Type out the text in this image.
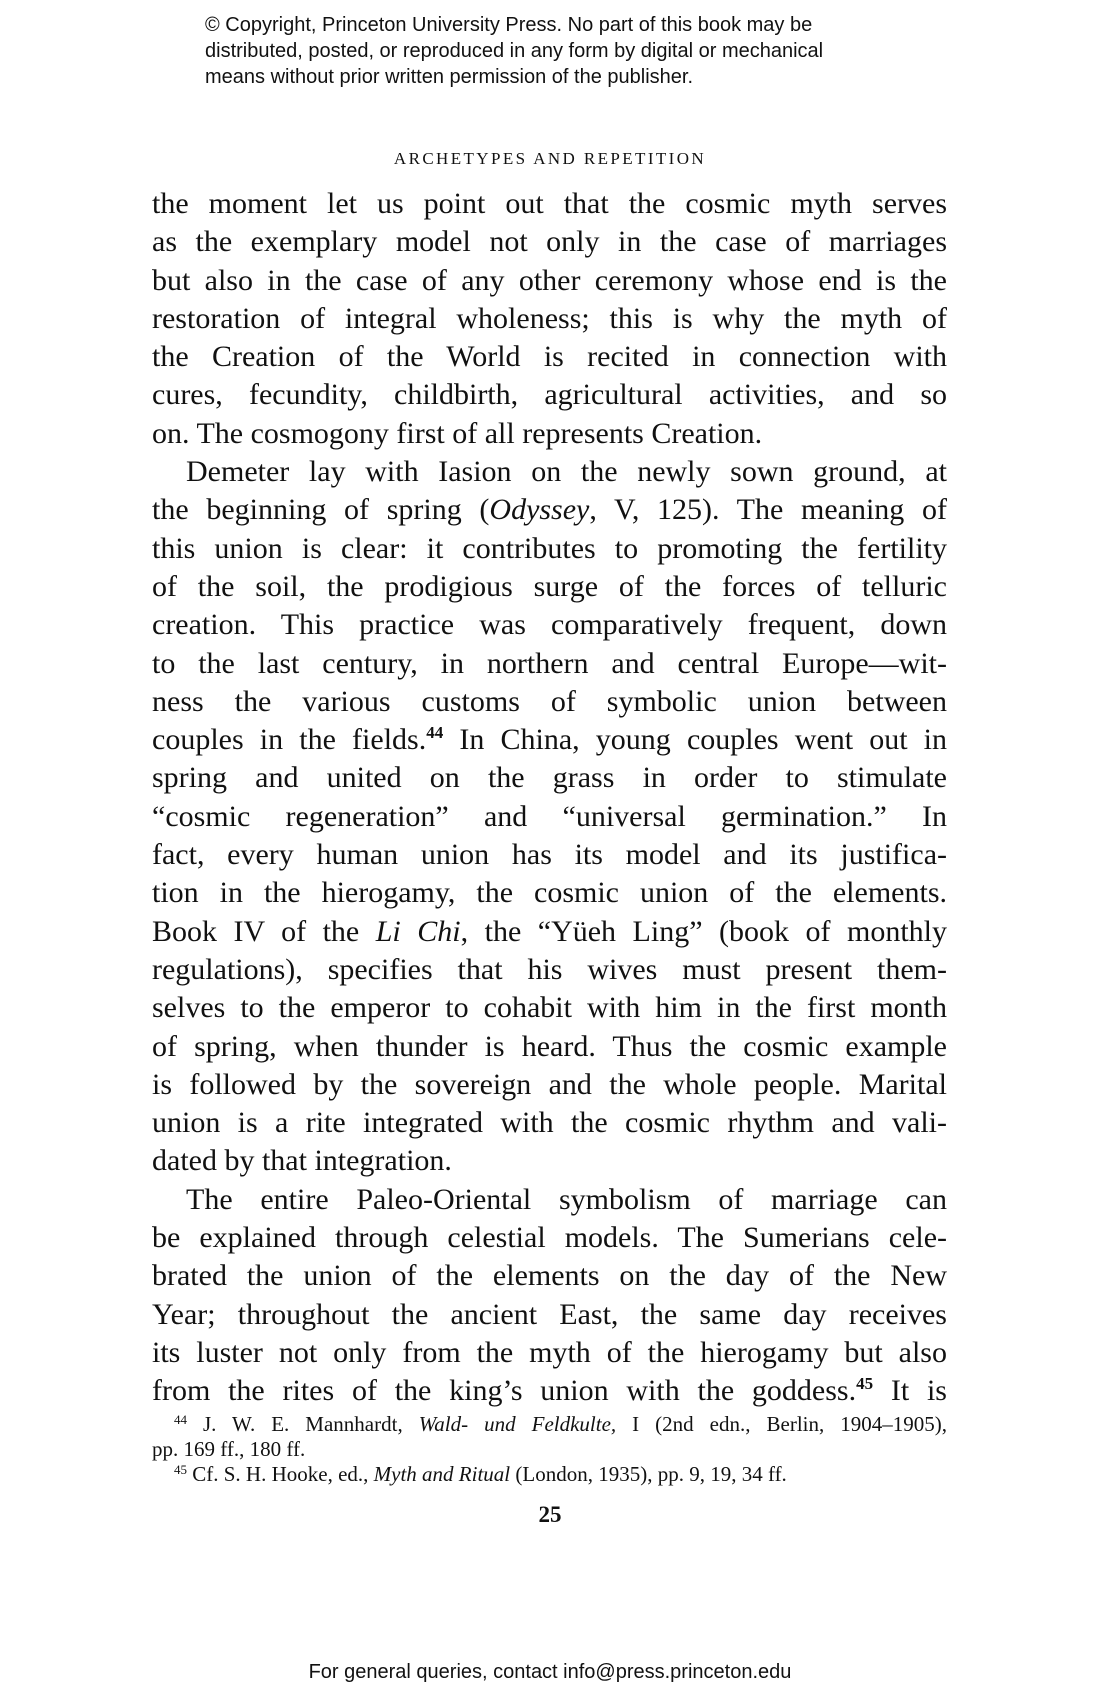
© Copyright, Princeton University Press. No part of this book may be
distributed, posted, or reproduced in any form by digital or mechanical
means without prior written permission of the publisher.
ARCHETYPES AND REPETITION
the moment let us point out that the cosmic myth serves
as the exemplary model not only in the case of marriages
but also in the case of any other ceremony whose end is the
restoration of integral wholeness; this is why the myth of
the Creation of the World is recited in connection with
cures, fecundity, childbirth, agricultural activities, and so
on. The cosmogony first of all represents Creation.
Demeter lay with Iasion on the newly sown ground, at
the beginning of spring (Odyssey, V, 125). The meaning of
this union is clear: it contributes to promoting the fertility
of the soil, the prodigious surge of the forces of telluric
creation. This practice was comparatively frequent, down
to the last century, in northern and central Europe—wit-
ness the various customs of symbolic union between
couples in the fields.$^{44}$ In China, young couples went out in
spring and united on the grass in order to stimulate
“cosmic regeneration” and “universal germination.” In
fact, every human union has its model and its justifica-
tion in the hierogamy, the cosmic union of the elements.
Book IV of the Li Chi, the “Yüeh Ling” (book of monthly
regulations), specifies that his wives must present them-
selves to the emperor to cohabit with him in the first month
of spring, when thunder is heard. Thus the cosmic example
is followed by the sovereign and the whole people. Marital
union is a rite integrated with the cosmic rhythm and vali-
dated by that integration.
The entire Paleo-Oriental symbolism of marriage can
be explained through celestial models. The Sumerians cele-
brated the union of the elements on the day of the New
Year; throughout the ancient East, the same day receives
its luster not only from the myth of the hierogamy but also
from the rites of the king’s union with the goddess.$^{45}$ It is
$^{44}$ J. W. E. Mannhardt, Wald- und Feldkulte, I (2nd edn., Berlin, 1904–1905),
pp. 169 ff., 180 ff.
$^{45}$ Cf. S. H. Hooke, ed., Myth and Ritual (London, 1935), pp. 9, 19, 34 ff.
25
For general queries, contact info@press.princeton.edu
